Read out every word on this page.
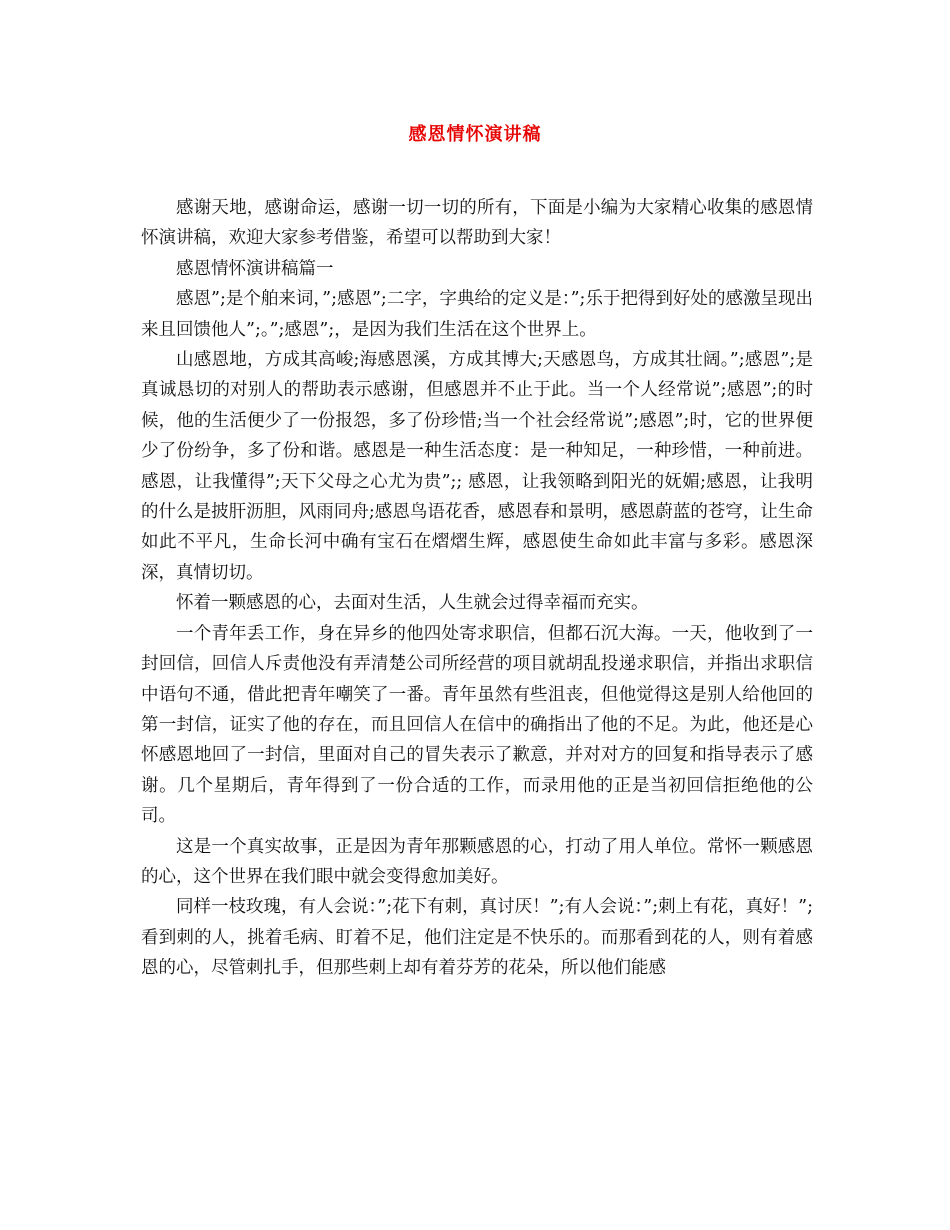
感恩情怀演讲稿

感谢天地，感谢命运，感谢一切一切的所有，下面是小编为大家精心收集的感恩情怀演讲稿，欢迎大家参考借鉴，希望可以帮助到大家！

感恩情怀演讲稿篇一

感恩”;是个舶来词，”;感恩”;二字，字典给的定义是：”;乐于把得到好处的感激呈现出来且回馈他人”;。”;感恩”;，是因为我们生活在这个世界上。

山感恩地，方成其高峻;海感恩溪，方成其博大;天感恩鸟，方成其壮阔。”;感恩”;是真诚恳切的对别人的帮助表示感谢，但感恩并不止于此。当一个人经常说”;感恩”;的时候，他的生活便少了一份报怨，多了份珍惜;当一个社会经常说”;感恩”;时，它的世界便少了份纷争，多了份和谐。感恩是一种生活态度：是一种知足，一种珍惜，一种前进。感恩，让我懂得”;天下父母之心尤为贵”;; 感恩，让我领略到阳光的妩媚;感恩，让我明的什么是披肝沥胆，风雨同舟;感恩鸟语花香，感恩春和景明，感恩蔚蓝的苍穹，让生命如此不平凡，生命长河中确有宝石在熠熠生辉，感恩使生命如此丰富与多彩。感恩深深，真情切切。

怀着一颗感恩的心，去面对生活，人生就会过得幸福而充实。

一个青年丢工作，身在异乡的他四处寄求职信，但都石沉大海。一天，他收到了一封回信，回信人斥责他没有弄清楚公司所经营的项目就胡乱投递求职信，并指出求职信中语句不通，借此把青年嘲笑了一番。青年虽然有些沮丧，但他觉得这是别人给他回的第一封信，证实了他的存在，而且回信人在信中的确指出了他的不足。为此，他还是心怀感恩地回了一封信，里面对自己的冒失表示了歉意，并对对方的回复和指导表示了感谢。几个星期后，青年得到了一份合适的工作，而录用他的正是当初回信拒绝他的公司。

这是一个真实故事，正是因为青年那颗感恩的心，打动了用人单位。常怀一颗感恩的心，这个世界在我们眼中就会变得愈加美好。

同样一枝玫瑰，有人会说：”;花下有刺，真讨厌！”;有人会说：”;刺上有花，真好！”;看到刺的人，挑着毛病、盯着不足，他们注定是不快乐的。而那看到花的人，则有着感恩的心，尽管刺扎手，但那些刺上却有着芬芳的花朵，所以他们能感
